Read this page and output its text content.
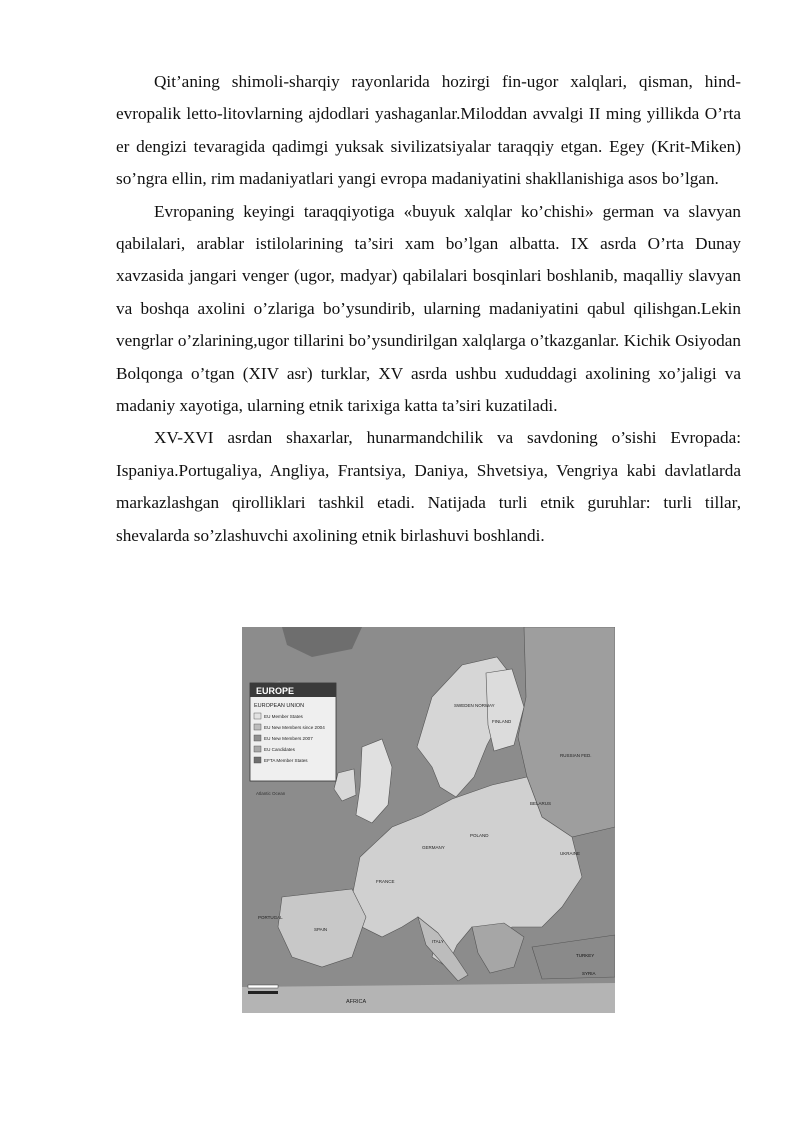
Qit’aning shimoli-sharqiy rayonlarida hozirgi fin-ugor xalqlari, qisman, hind-evropalik letto-litovlarning ajdodlari yashaganlar.Miloddan avvalgi II ming yillikda O’rta er dengizi tevaragida qadimgi yuksak sivilizatsiyalar taraqqiy etgan. Egey (Krit-Miken) so’ngra ellin, rim madaniyatlari yangi evropa madaniyatini shakllanishiga asos bo’lgan.

Evropaning keyingi taraqqiyotiga «buyuk xalqlar ko’chishi» german va slavyan qabilalari, arablar istilolarining ta’siri xam bo’lgan albatta. IX asrda O’rta Dunay xavzasida jangari venger (ugor, madyar) qabilalari bosqinlari boshlanib, maqalliy slavyan va boshqa axolini o’zlariga bo’ysundirib, ularning madaniyatini qabul qilishgan.Lekin vengrlar o’zlarining,ugor tillarini bo’ysundirilgan xalqlarga o’tkazganlar. Kichik Osiyodan Bolqonga o’tgan (XIV asr) turklar, XV asrda ushbu xududdagi axolining xo’jaligi va madaniy xayotiga, ularning etnik tarixiga katta ta’siri kuzatiladi.

XV-XVI asrdan shaxarlar, hunarmandchilik va savdoning o’sishi Evropada: Ispaniya.Portugaliya, Angliya, Frantsiya, Daniya, Shvetsiya, Vengriya kabi davlatlarda markazlashgan qirolliklari tashkil etadi. Natijada turli etnik guruhlar: turli tillar, shevalarda so’zlashuvchi axolining etnik birlashuvi boshlandi.

EUROPE
EUROPEAN UNION
EU Member States
EU New Members since 2004
EU New Members 2007
EU Candidates
EFTA Member States
Atlantic Ocean
SWEDEN NORWAY
FINLAND
RUSSIAN FED.
BELARUS
UKRAINE
POLAND
GERMANY
FRANCE
SPAIN
PORTUGAL
ITALY
TURKEY
SYRIA
AFRICA
